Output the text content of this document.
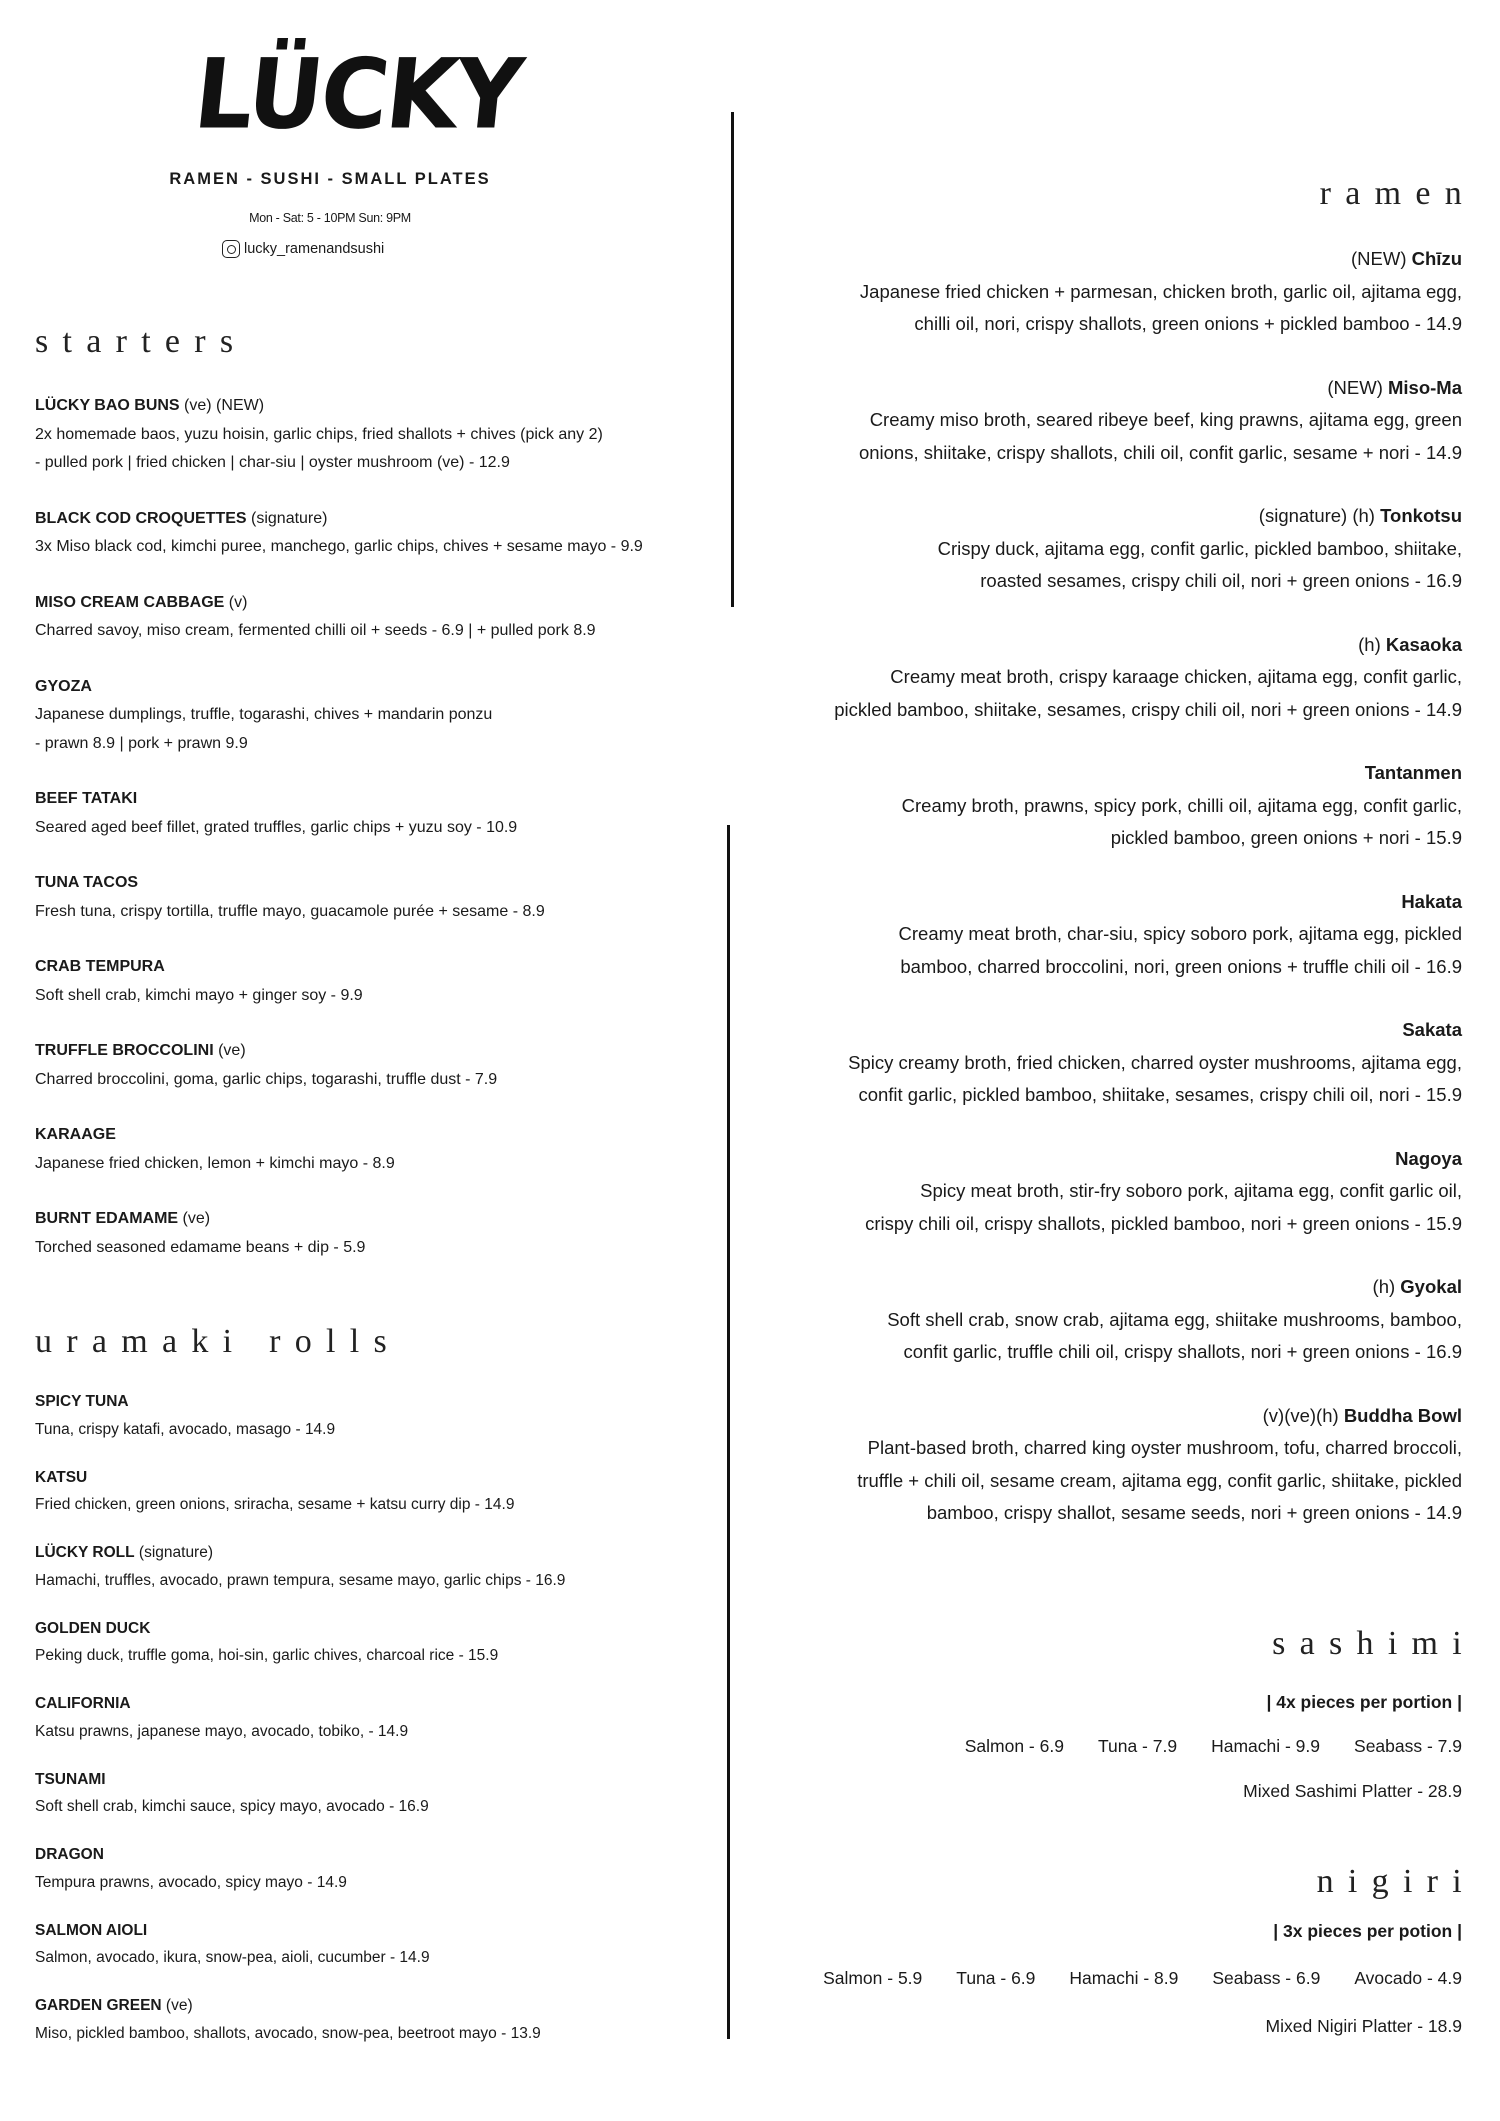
LÜCKY
RAMEN - SUSHI - SMALL PLATES
Mon - Sat: 5 - 10PM Sun: 9PM
lucky_ramenandsushi
starters
LÜCKY BAO BUNS (ve) (NEW)
2x homemade baos, yuzu hoisin, garlic chips, fried shallots + chives (pick any 2)
- pulled pork | fried chicken | char-siu | oyster mushroom (ve) - 12.9
BLACK COD CROQUETTES (signature)
3x Miso black cod, kimchi puree, manchego, garlic chips, chives + sesame mayo - 9.9
MISO CREAM CABBAGE (v)
Charred savoy, miso cream, fermented chilli oil + seeds - 6.9 | + pulled pork 8.9
GYOZA
Japanese dumplings, truffle, togarashi, chives + mandarin ponzu
- prawn 8.9 | pork + prawn 9.9
BEEF TATAKI
Seared aged beef fillet, grated truffles, garlic chips + yuzu soy - 10.9
TUNA TACOS
Fresh tuna, crispy tortilla, truffle mayo, guacamole purée + sesame - 8.9
CRAB TEMPURA
Soft shell crab, kimchi mayo + ginger soy - 9.9
TRUFFLE BROCCOLINI (ve)
Charred broccolini, goma, garlic chips, togarashi, truffle dust - 7.9
KARAAGE
Japanese fried chicken, lemon + kimchi mayo - 8.9
BURNT EDAMAME (ve)
Torched seasoned edamame beans + dip - 5.9
uramaki rolls
SPICY TUNA
Tuna, crispy katafi, avocado, masago - 14.9
KATSU
Fried chicken, green onions, sriracha, sesame + katsu curry dip - 14.9
LÜCKY ROLL (signature)
Hamachi, truffles, avocado, prawn tempura, sesame mayo, garlic chips - 16.9
GOLDEN DUCK
Peking duck, truffle goma, hoi-sin, garlic chives, charcoal rice - 15.9
CALIFORNIA
Katsu prawns, japanese mayo, avocado, tobiko, - 14.9
TSUNAMI
Soft shell crab, kimchi sauce, spicy mayo, avocado - 16.9
DRAGON
Tempura prawns, avocado, spicy mayo - 14.9
SALMON AIOLI
Salmon, avocado, ikura, snow-pea, aioli, cucumber - 14.9
GARDEN GREEN (ve)
Miso, pickled bamboo, shallots, avocado, snow-pea, beetroot mayo - 13.9
ramen
(NEW) Chīzu
Japanese fried chicken + parmesan, chicken broth, garlic oil, ajitama egg,
chilli oil, nori, crispy shallots, green onions + pickled bamboo - 14.9
(NEW) Miso-Ma
Creamy miso broth, seared ribeye beef, king prawns, ajitama egg, green
onions, shiitake, crispy shallots, chili oil, confit garlic, sesame + nori - 14.9
(signature) (h) Tonkotsu
Crispy duck, ajitama egg, confit garlic, pickled bamboo, shiitake,
roasted sesames, crispy chili oil, nori + green onions - 16.9
(h) Kasaoka
Creamy meat broth, crispy karaage chicken, ajitama egg, confit garlic,
pickled bamboo, shiitake, sesames, crispy chili oil, nori + green onions - 14.9
Tantanmen
Creamy broth, prawns, spicy pork, chilli oil, ajitama egg, confit garlic,
pickled bamboo, green onions + nori - 15.9
Hakata
Creamy meat broth, char-siu, spicy soboro pork, ajitama egg, pickled
bamboo, charred broccolini, nori, green onions + truffle chili oil - 16.9
Sakata
Spicy creamy broth, fried chicken, charred oyster mushrooms, ajitama egg,
confit garlic, pickled bamboo, shiitake, sesames, crispy chili oil, nori - 15.9
Nagoya
Spicy meat broth, stir-fry soboro pork, ajitama egg, confit garlic oil,
crispy chili oil, crispy shallots, pickled bamboo, nori + green onions - 15.9
(h) Gyokal
Soft shell crab, snow crab, ajitama egg, shiitake mushrooms, bamboo,
confit garlic, truffle chili oil, crispy shallots, nori + green onions - 16.9
(v)(ve)(h) Buddha Bowl
Plant-based broth, charred king oyster mushroom, tofu, charred broccoli,
truffle + chili oil, sesame cream, ajitama egg, confit garlic, shiitake, pickled
bamboo, crispy shallot, sesame seeds, nori + green onions - 14.9
sashimi
| 4x pieces per portion |
Salmon - 6.9 Tuna - 7.9 Hamachi - 9.9 Seabass - 7.9
Mixed Sashimi Platter - 28.9
nigiri
| 3x pieces per potion |
Salmon - 5.9 Tuna - 6.9 Hamachi - 8.9 Seabass - 6.9 Avocado - 4.9
Mixed Nigiri Platter - 18.9
